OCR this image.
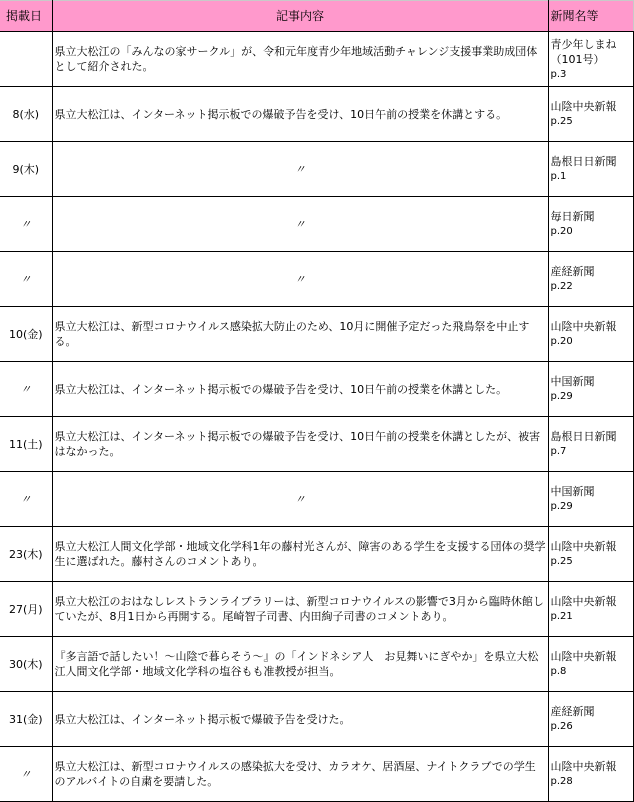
掲載日	記事内容	新聞名等
	県立大松江の「みんなの家サークル」が、令和元年度青少年地域活動チャレンジ支援事業助成団体として紹介された。	青少年しまね（101号）
p.3

8(水)	県立大松江は、インターネット掲示板での爆破予告を受け、10日午前の授業を休講とする。	山陰中央新報
p.25

9(木)	〃	島根日日新聞
p.1

〃	〃	毎日新聞
p.20

〃	〃	産経新聞
p.22

10(金)	県立大松江は、新型コロナウイルス感染拡大防止のため、10月に開催予定だった飛鳥祭を中止する。	山陰中央新報
p.20

〃	県立大松江は、インターネット掲示板での爆破予告を受け、10日午前の授業を休講とした。	中国新聞
p.29

11(土)	県立大松江は、インターネット掲示板での爆破予告を受け、10日午前の授業を休講としたが、被害はなかった。	島根日日新聞
p.7

〃	〃	中国新聞
p.29

23(木)	県立大松江人間文化学部・地域文化学科1年の藤村光さんが、障害のある学生を支援する団体の奨学生に選ばれた。藤村さんのコメントあり。	山陰中央新報
p.25

27(月)	県立大松江のおはなしレストランライブラリーは、新型コロナウイルスの影響で3月から臨時休館していたが、8月1日から再開する。尾崎智子司書、内田絢子司書のコメントあり。	山陰中央新報
p.21

30(木)	『多言語で話したい！～山陰で暮らそう～』の「インドネシア人　お見舞いにぎやか」を県立大松江人間文化学部・地域文化学科の塩谷もも准教授が担当。	山陰中央新報
p.8

31(金)	県立大松江は、インターネット掲示板で爆破予告を受けた。	産経新聞
p.26

〃	県立大松江は、新型コロナウイルスの感染拡大を受け、カラオケ、居酒屋、ナイトクラブでの学生のアルバイトの自粛を要請した。	山陰中央新報
p.28
